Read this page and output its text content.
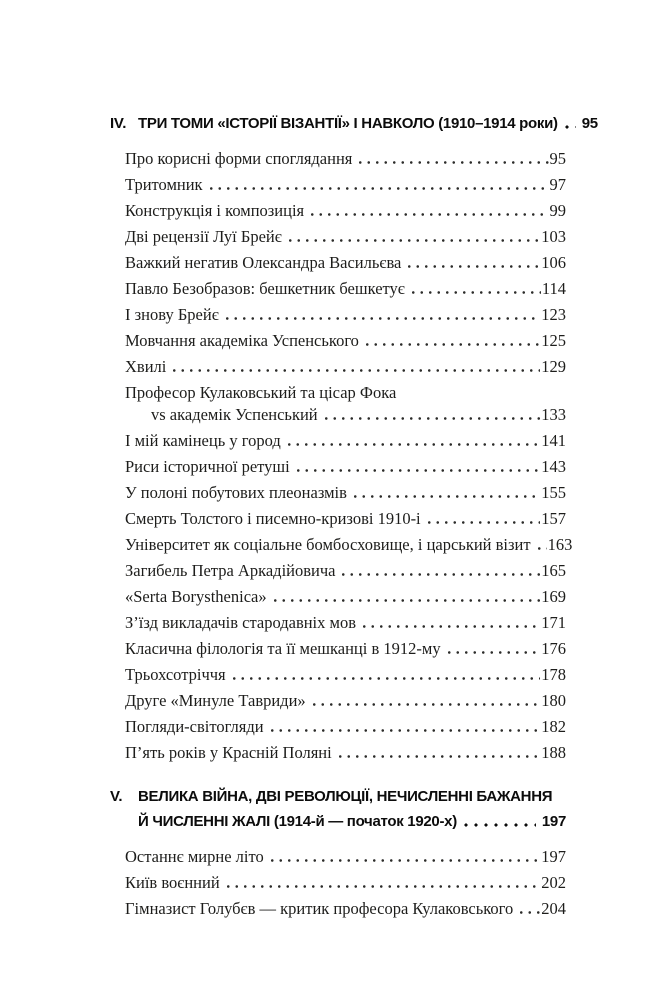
IV. ТРИ ТОМИ «ІСТОРІЇ ВІЗАНТІЇ» І НАВКОЛО (1910–1914 роки) 95
Про корисні форми споглядання	95
Тритомник	97
Конструкція і композиція	99
Дві рецензії Луї Брейє	103
Важкий негатив Олександра Васильєва	106
Павло Безобразов: бешкетник бешкетує	114
І знову Брейє	123
Мовчання академіка Успенського	125
Хвилі	129
Професор Кулаковський та цісар Фока
vs академік Успенський	133
І мій камінець у город	141
Риси історичної ретуші	143
У полоні побутових плеоназмів	155
Смерть Толстого і писемно-кризові 1910-і	157
Університет як соціальне бомбосховище, і царський візит 163
Загибель Петра Аркадійовича	165
«Serta Borysthenica»	169
З’їзд викладачів стародавніх мов	171
Класична філологія та її мешканці в 1912-му	176
Трьохсотріччя	178
Друге «Минуле Тавриди»	180
Погляди-світогляди	182
П’ять років у Красній Поляні	188
V.	ВЕЛИКА ВІЙНА, ДВІ РЕВОЛЮЦІЇ, НЕЧИСЛЕННІ БАЖАННЯ
Й ЧИСЛЕННІ ЖАЛІ (1914-й — початок 1920-х)	197
Останнє мирне літо	197
Київ воєнний	202
Гімназист Голубєв — критик професора Кулаковського 204
